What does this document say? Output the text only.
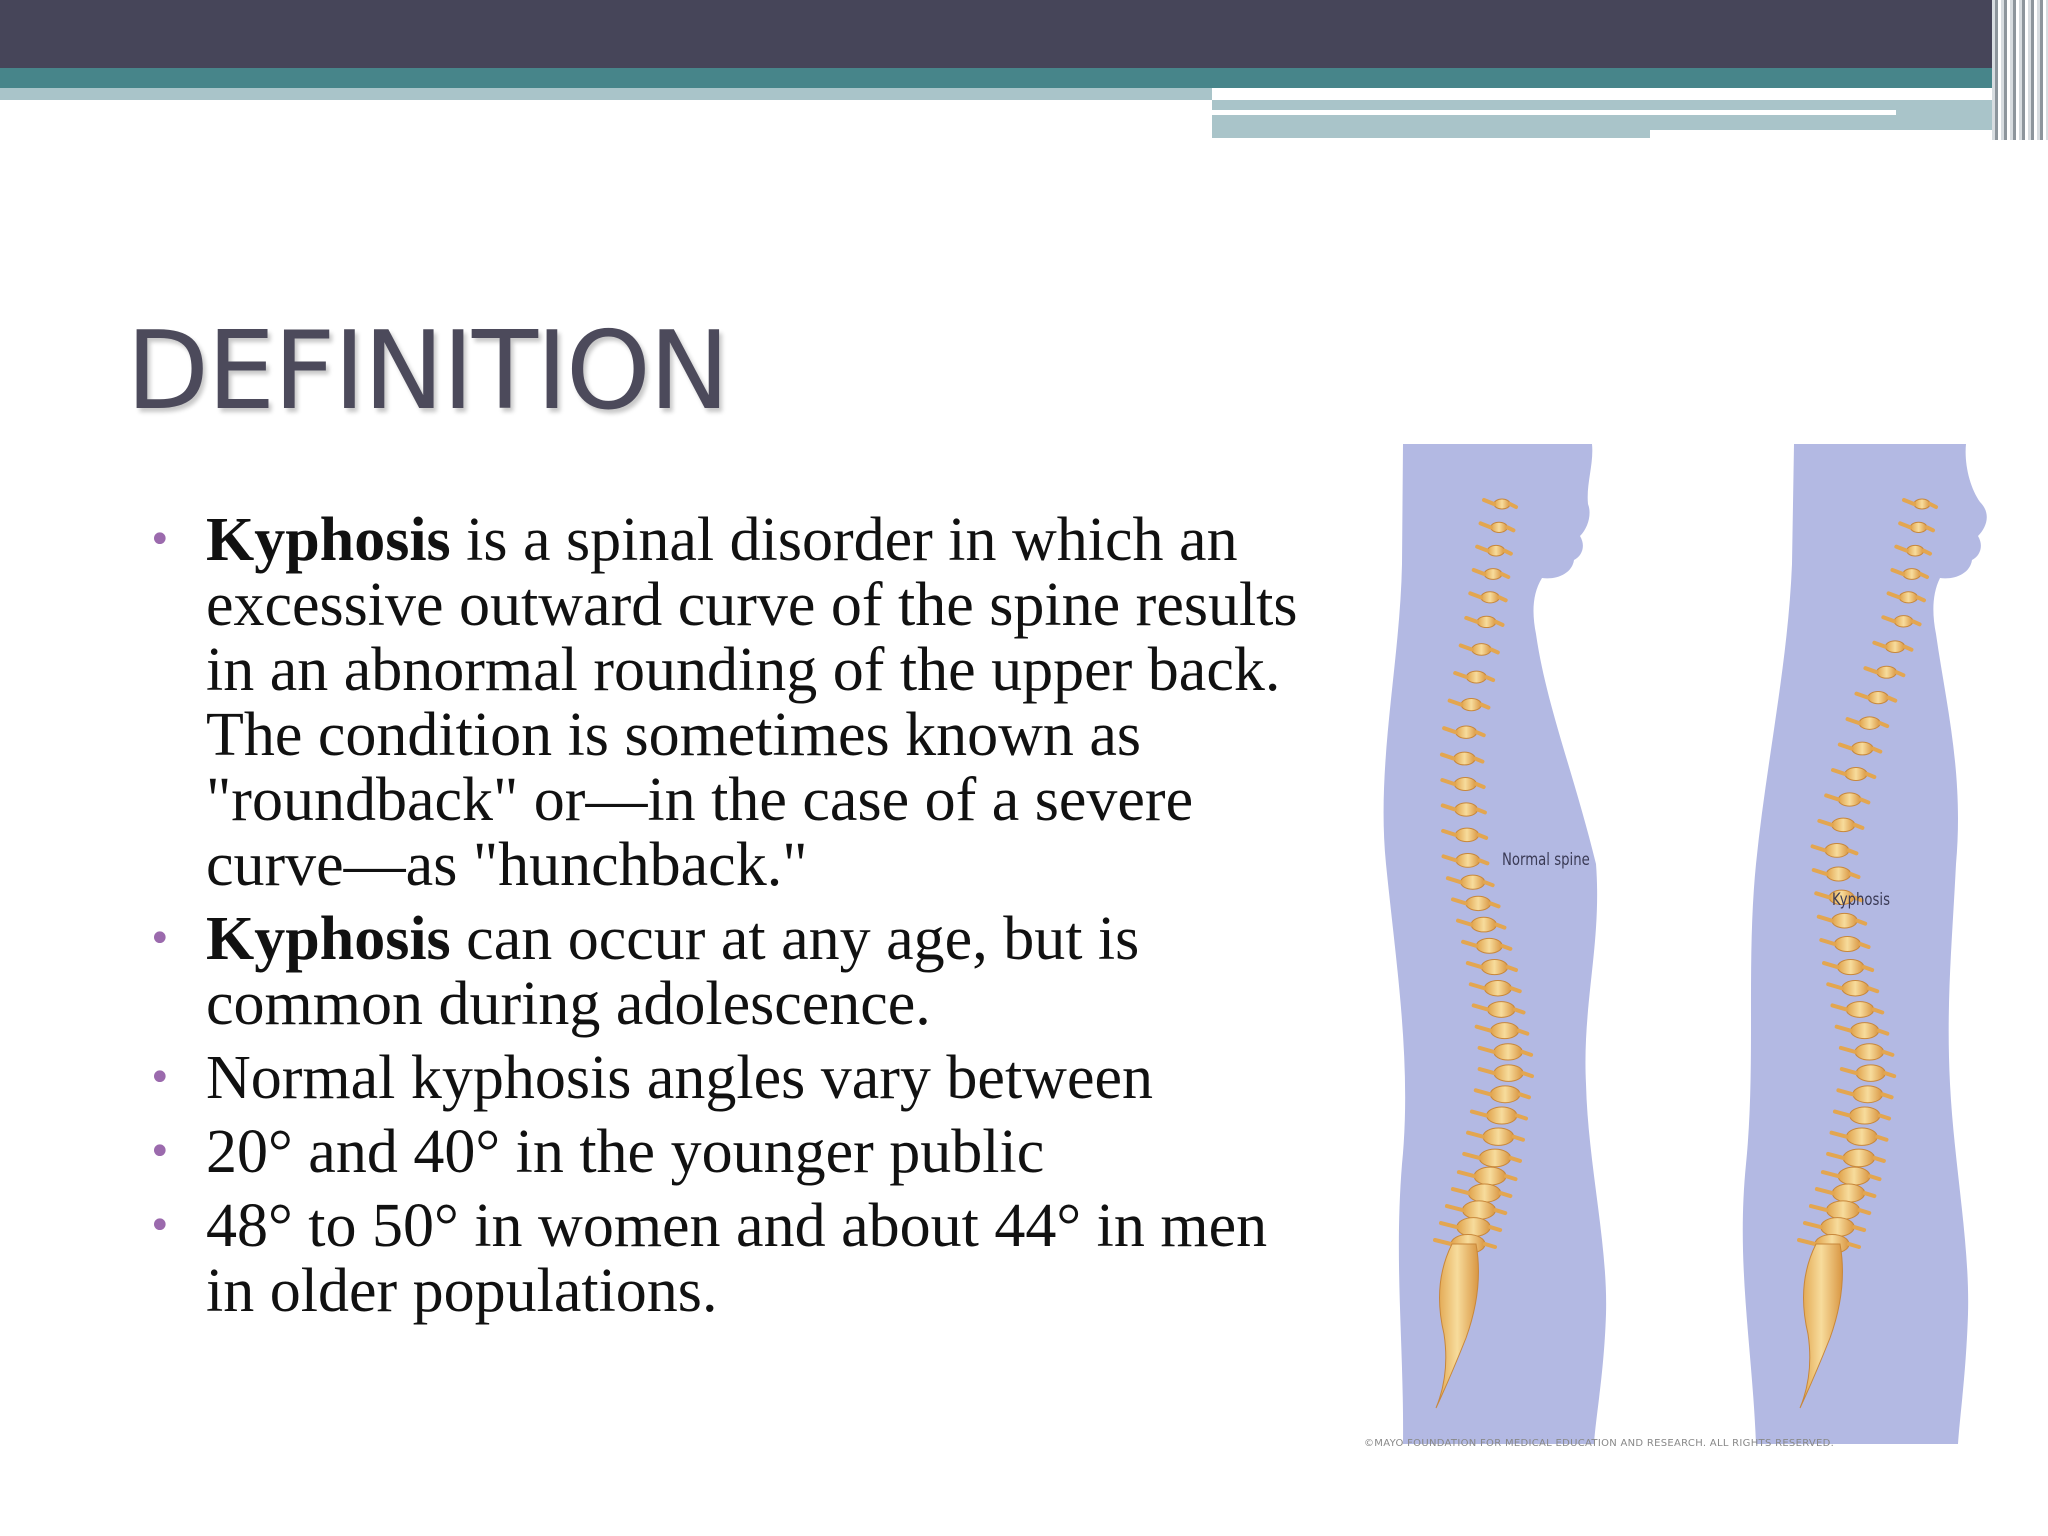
DEFINITION
• Kyphosis is a spinal disorder in which an excessive outward curve of the spine results in an abnormal rounding of the upper back. The condition is sometimes known as "roundback" or—in the case of a severe curve—as "hunchback."
• Kyphosis can occur at any age, but is common during adolescence.
• Normal kyphosis angles vary between
• 20° and 40° in the younger public
• 48° to 50° in women and about 44° in men in older populations.
Normal spine
Kyphosis
©MAYO FOUNDATION FOR MEDICAL EDUCATION AND RESEARCH. ALL RIGHTS RESERVED.
